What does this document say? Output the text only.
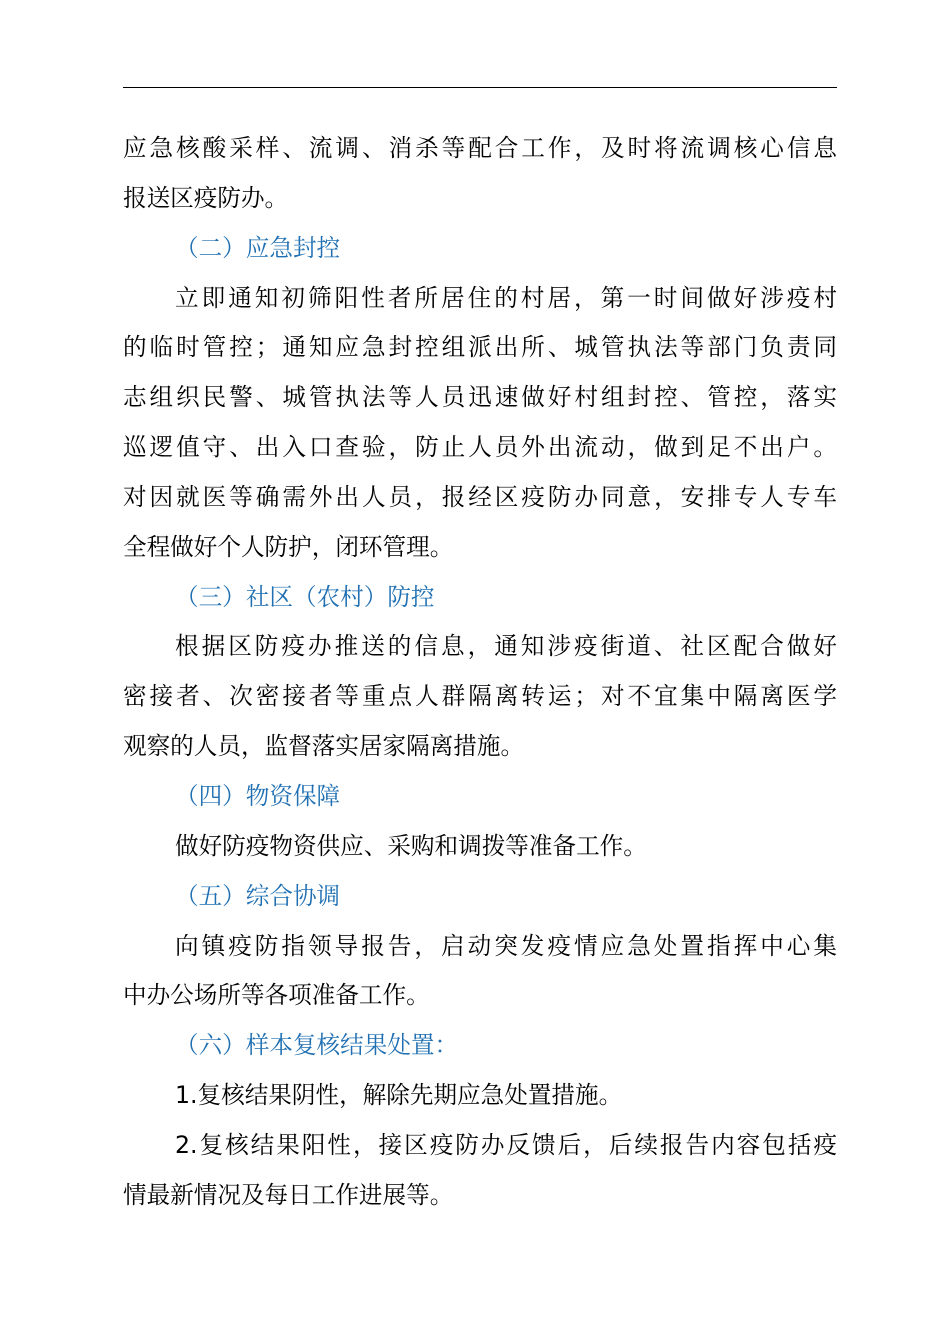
应急核酸采样、流调、消杀等配合工作，及时将流调核心信息
报送区疫防办。
（二）应急封控
立即通知初筛阳性者所居住的村居，第一时间做好涉疫村
的临时管控；通知应急封控组派出所、城管执法等部门负责同
志组织民警、城管执法等人员迅速做好村组封控、管控，落实
巡逻值守、出入口查验，防止人员外出流动，做到足不出户。
对因就医等确需外出人员，报经区疫防办同意，安排专人专车
全程做好个人防护，闭环管理。
（三）社区（农村）防控
根据区防疫办推送的信息，通知涉疫街道、社区配合做好
密接者、次密接者等重点人群隔离转运；对不宜集中隔离医学
观察的人员，监督落实居家隔离措施。
（四）物资保障
做好防疫物资供应、采购和调拨等准备工作。
（五）综合协调
向镇疫防指领导报告，启动突发疫情应急处置指挥中心集
中办公场所等各项准备工作。
（六）样本复核结果处置：
1.复核结果阴性，解除先期应急处置措施。
2.复核结果阳性，接区疫防办反馈后，后续报告内容包括疫
情最新情况及每日工作进展等。
